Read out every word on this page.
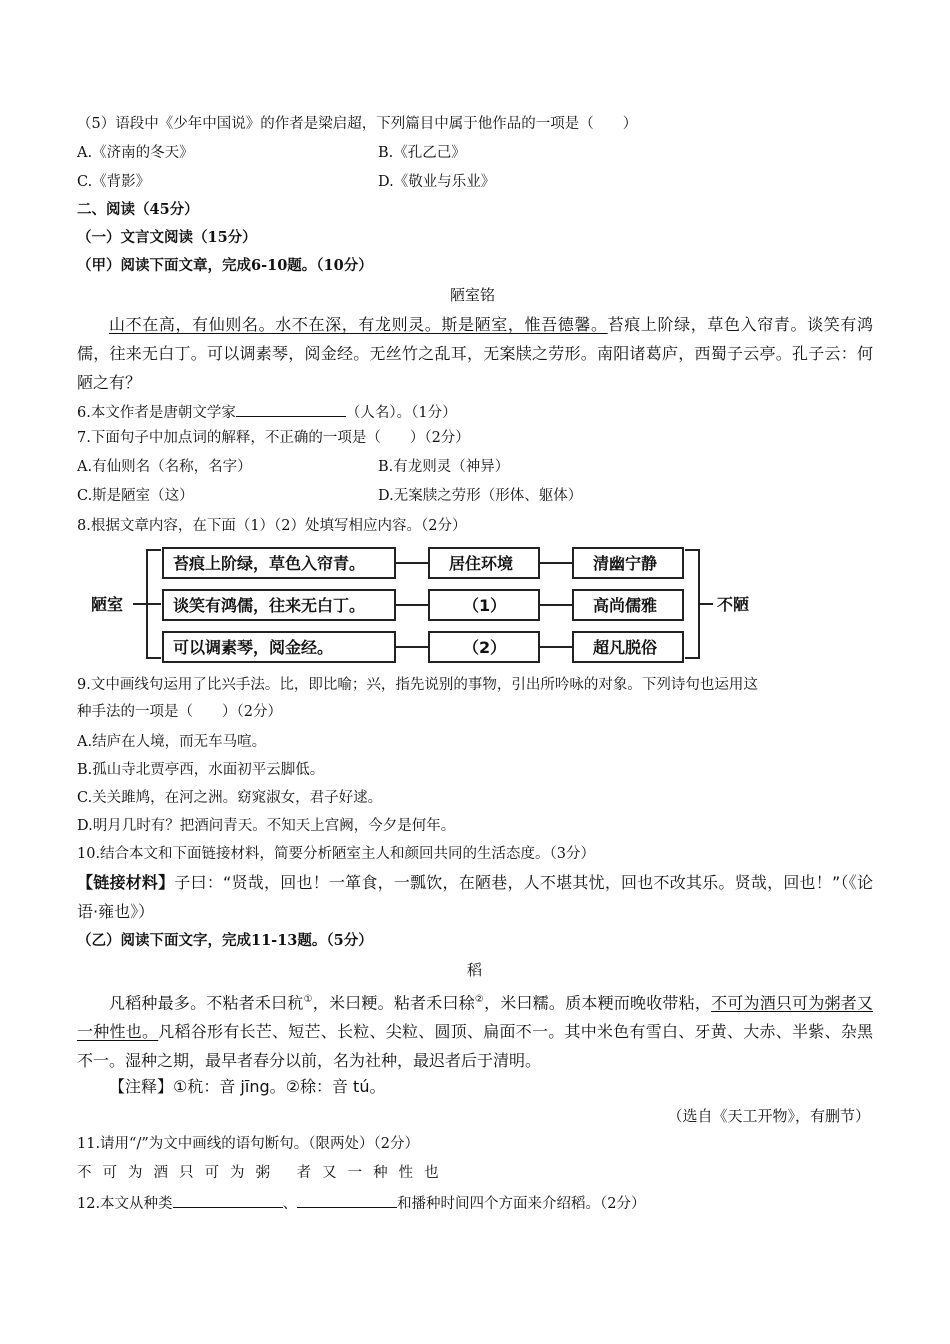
（5）语段中《少年中国说》的作者是梁启超，下列篇目中属于他作品的一项是（　　）
A.《济南的冬天》	B.《孔乙己》
C.《背影》	D.《敬业与乐业》
二、阅读（45分）
（一）文言文阅读（15分）
（甲）阅读下面文章，完成6-10题。（10分）
陋室铭
山不在高，有仙则名。水不在深，有龙则灵。斯是陋室，惟吾德馨。苔痕上阶绿，草色入帘青。谈笑有鸿儒，往来无白丁。可以调素琴，阅金经。无丝竹之乱耳，无案牍之劳形。南阳诸葛庐，西蜀子云亭。孔子云：何陋之有？
6.本文作者是唐朝文学家	（人名）。（1分）
7.下面句子中加点词的解释，不正确的一项是（　　）（2分）
A.有仙则名（名称，名字）	B.有龙则灵（神异）
C.斯是陋室（这）	D.无案牍之劳形（形体、躯体）
8.根据文章内容，在下面（1）（2）处填写相应内容。（2分）
陋室
苔痕上阶绿，草色入帘青。	居住环境	清幽宁静
谈笑有鸿儒，往来无白丁。	（1）	高尚儒雅
可以调素琴，阅金经。	（2）	超凡脱俗
不陋
9.文中画线句运用了比兴手法。比，即比喻；兴，指先说别的事物，引出所吟咏的对象。下列诗句也运用这
种手法的一项是（　　）（2分）
A.结庐在人境，而无车马喧。
B.孤山寺北贾亭西，水面初平云脚低。
C.关关雎鸠，在河之洲。窈窕淑女，君子好逑。
D.明月几时有？把酒问青天。不知天上宫阙，今夕是何年。
10.结合本文和下面链接材料，简要分析陋室主人和颜回共同的生活态度。（3分）
【链接材料】子曰：“贤哉，回也！一箪食，一瓢饮，在陋巷，人不堪其忧，回也不改其乐。贤哉，回也！”（《论语·雍也》）
（乙）阅读下面文字，完成11-13题。（5分）
稻
凡稻种最多。不粘者禾曰秔①，米曰粳。粘者禾曰稌②，米曰糯。质本粳而晚收带粘，不可为酒只可为粥者又一种性也。凡稻谷形有长芒、短芒、长粒、尖粒、圆顶、扁面不一。其中米色有雪白、牙黄、大赤、半紫、杂黑不一。湿种之期，最早者春分以前，名为社种，最迟者后于清明。
【注释】①秔：音 jīng。②稌：音 tú。
（选自《天工开物》，有删节）
11.请用“/”为文中画线的语句断句。（限两处）（2分）
不可为酒只可为粥 者又一种性也
12.本文从种类	、	和播种时间四个方面来介绍稻。（2分）
